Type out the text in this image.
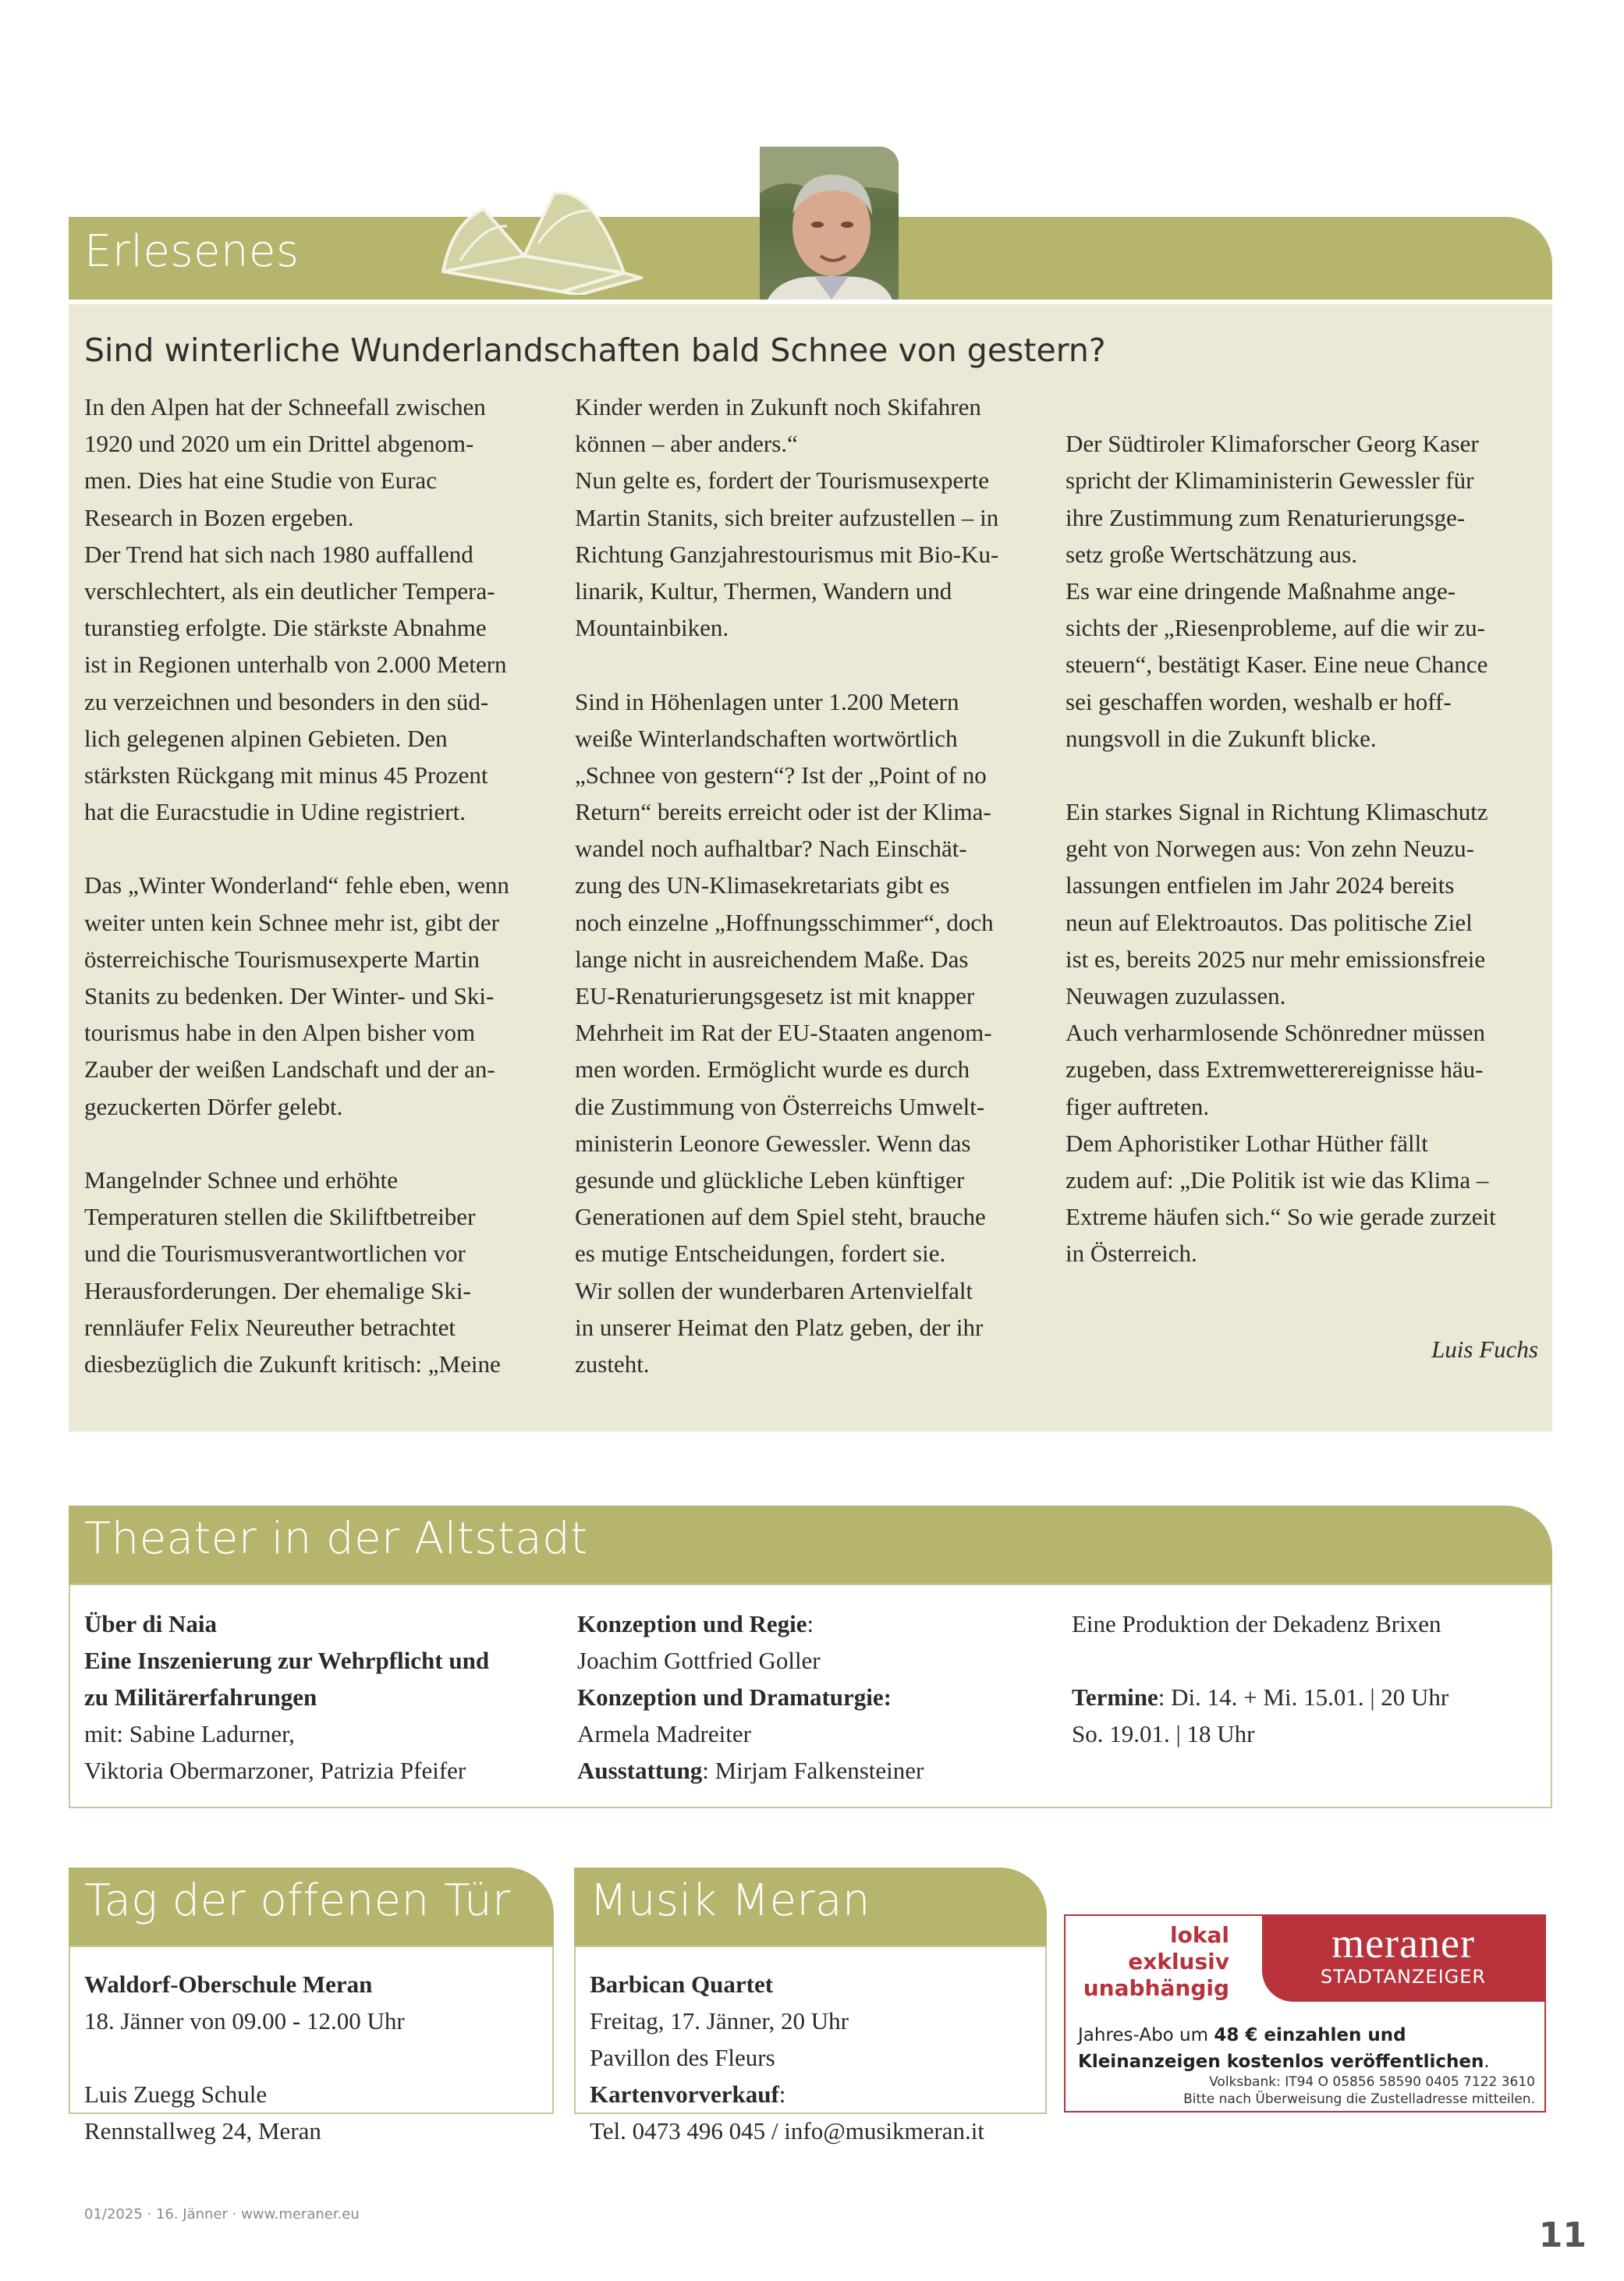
Erlesenes
Sind winterliche Wunderlandschaften bald Schnee von gestern?
In den Alpen hat der Schneefall zwischen
1920 und 2020 um ein Drittel abgenom-
men. Dies hat eine Studie von Eurac
Research in Bozen ergeben.
Der Trend hat sich nach 1980 auffallend
verschlechtert, als ein deutlicher Tempera-
turanstieg erfolgte. Die stärkste Abnahme
ist in Regionen unterhalb von 2.000 Metern
zu verzeichnen und besonders in den süd-
lich gelegenen alpinen Gebieten. Den
stärksten Rückgang mit minus 45 Prozent
hat die Euracstudie in Udine registriert.

Das „Winter Wonderland“ fehle eben, wenn
weiter unten kein Schnee mehr ist, gibt der
österreichische Tourismusexperte Martin
Stanits zu bedenken. Der Winter- und Ski-
tourismus habe in den Alpen bisher vom
Zauber der weißen Landschaft und der an-
gezuckerten Dörfer gelebt.

Mangelnder Schnee und erhöhte
Temperaturen stellen die Skiliftbetreiber
und die Tourismusverantwortlichen vor
Herausforderungen. Der ehemalige Ski-
rennläufer Felix Neureuther betrachtet
diesbezüglich die Zukunft kritisch: „Meine
Kinder werden in Zukunft noch Skifahren
können – aber anders.“
Nun gelte es, fordert der Tourismusexperte
Martin Stanits, sich breiter aufzustellen – in
Richtung Ganzjahrestourismus mit Bio-Ku-
linarik, Kultur, Thermen, Wandern und
Mountainbiken.

Sind in Höhenlagen unter 1.200 Metern
weiße Winterlandschaften wortwörtlich
„Schnee von gestern“? Ist der „Point of no
Return“ bereits erreicht oder ist der Klima-
wandel noch aufhaltbar? Nach Einschät-
zung des UN-Klimasekretariats gibt es
noch einzelne „Hoffnungsschimmer“, doch
lange nicht in ausreichendem Maße. Das
EU-Renaturierungsgesetz ist mit knapper
Mehrheit im Rat der EU-Staaten angenom-
men worden. Ermöglicht wurde es durch
die Zustimmung von Österreichs Umwelt-
ministerin Leonore Gewessler. Wenn das
gesunde und glückliche Leben künftiger
Generationen auf dem Spiel steht, brauche
es mutige Entscheidungen, fordert sie.
Wir sollen der wunderbaren Artenvielfalt
in unserer Heimat den Platz geben, der ihr
zusteht.

Der Südtiroler Klimaforscher Georg Kaser
spricht der Klimaministerin Gewessler für
ihre Zustimmung zum Renaturierungsge-
setz große Wertschätzung aus.
Es war eine dringende Maßnahme ange-
sichts der „Riesenprobleme, auf die wir zu-
steuern“, bestätigt Kaser. Eine neue Chance
sei geschaffen worden, weshalb er hoff-
nungsvoll in die Zukunft blicke.

Ein starkes Signal in Richtung Klimaschutz
geht von Norwegen aus: Von zehn Neuzu-
lassungen entfielen im Jahr 2024 bereits
neun auf Elektroautos. Das politische Ziel
ist es, bereits 2025 nur mehr emissionsfreie
Neuwagen zuzulassen.
Auch verharmlosende Schönredner müssen
zugeben, dass Extremwetterereignisse häu-
figer auftreten.
Dem Aphoristiker Lothar Hüther fällt
zudem auf: „Die Politik ist wie das Klima –
Extreme häufen sich.“ So wie gerade zurzeit
in Österreich.
Luis Fuchs
Theater in der Altstadt

Über di Naia

Eine Inszenierung zur Wehrpflicht und

zu Militärerfahrungen

mit: Sabine Ladurner,

Viktoria Obermarzoner, Patrizia Pfeifer

Konzeption und Regie:

Joachim Gottfried Goller

Konzeption und Dramaturgie:

Armela Madreiter

Ausstattung: Mirjam Falkensteiner

Eine Produktion der Dekadenz Brixen

Termine: Di. 14. + Mi. 15.01. | 20 Uhr

So. 19.01. | 18 Uhr

Tag der offenen Tür

Waldorf-Oberschule Meran

18. Jänner von 09.00 - 12.00 Uhr

Luis Zuegg Schule

Rennstallweg 24, Meran

Musik Meran

Barbican Quartet

Freitag, 17. Jänner, 20 Uhr

Pavillon des Fleurs

Kartenvorverkauf:

Tel. 0473 496 045 / info@musikmeran.it

lokal
exklusiv
unabhängig
meraner
STADTANZEIGER
Jahres-Abo um 48 € einzahlen und
Kleinanzeigen kostenlos veröffentlichen.
Volksbank: IT94 O 05856 58590 0405 7122 3610
Bitte nach Überweisung die Zustelladresse mitteilen.
01/2025 · 16. Jänner · www.meraner.eu
11
